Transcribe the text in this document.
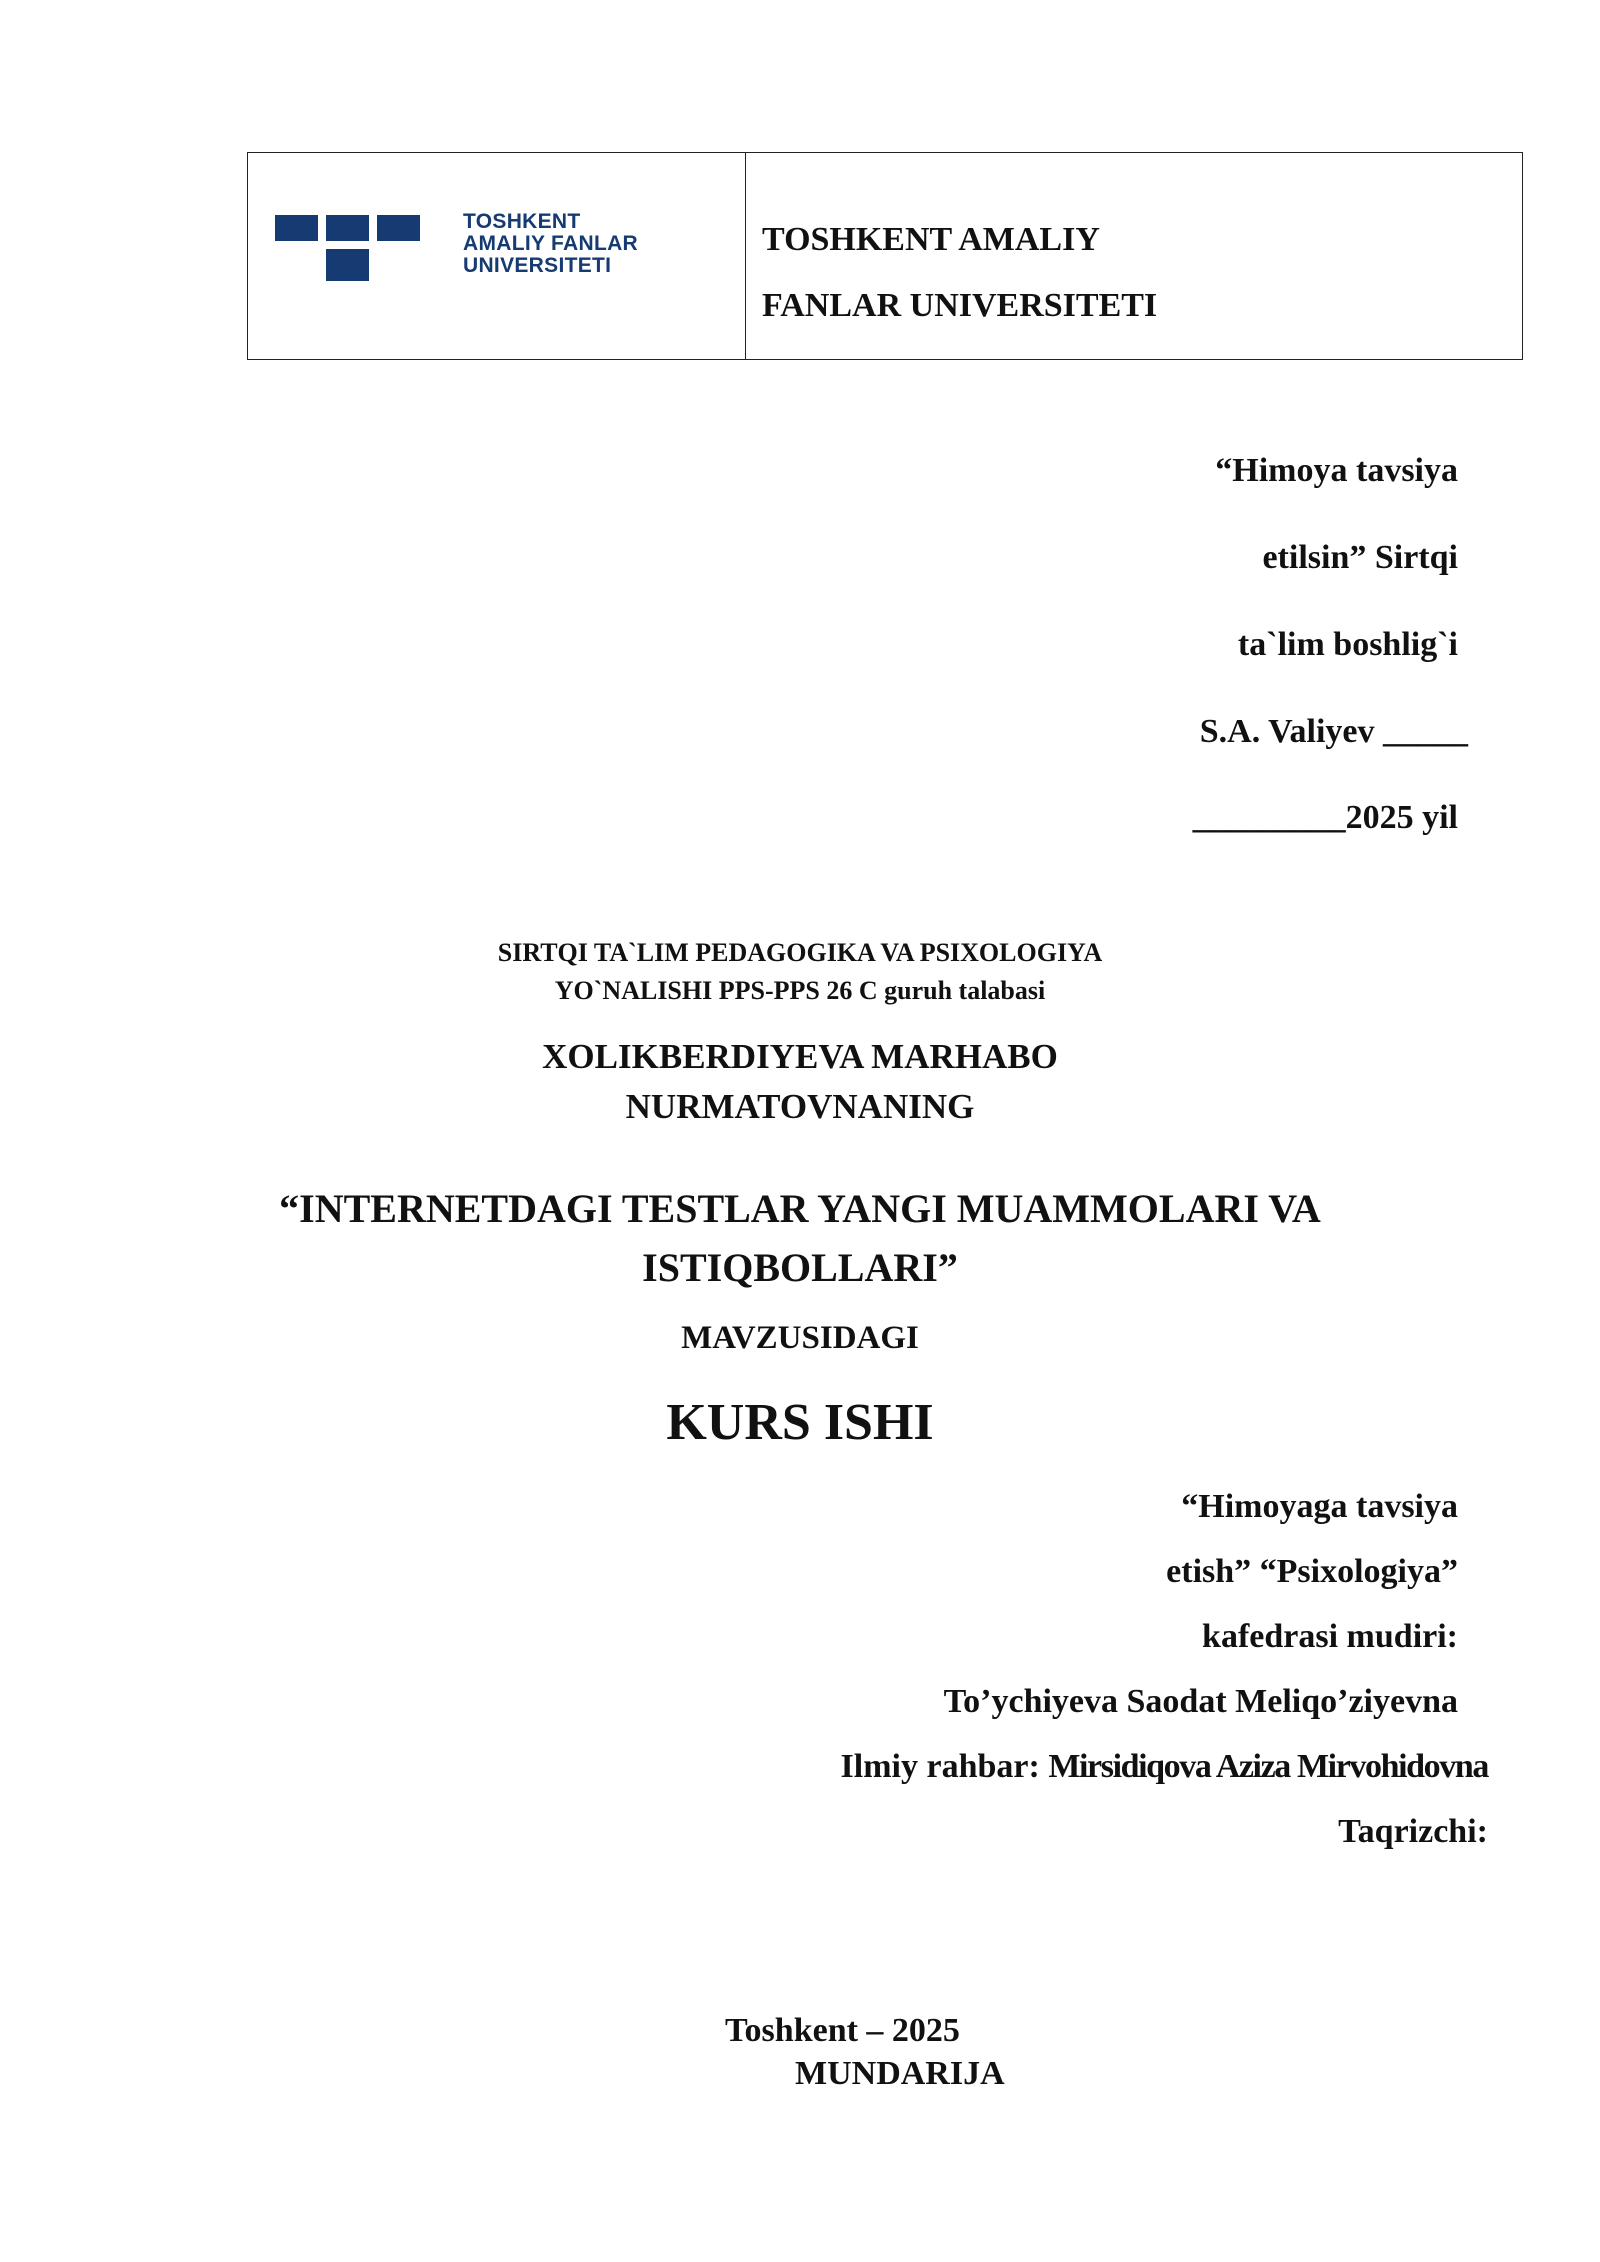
TOSHKENT
AMALIY FANLAR
UNIVERSITETI
TOSHKENT AMALIY
FANLAR UNIVERSITETI
“Himoya tavsiya
etilsin” Sirtqi
ta`lim boshlig`i
S.A. Valiyev _____
_________2025 yil
SIRTQI TA`LIM PEDAGOGIKA VA PSIXOLOGIYA
YO`NALISHI PPS-PPS 26 C guruh talabasi
XOLIKBERDIYEVA MARHABO
NURMATOVNANING
“INTERNETDAGI TESTLAR YANGI MUAMMOLARI VA
ISTIQBOLLARI”
MAVZUSIDAGI
KURS ISHI
“Himoyaga tavsiya
etish” “Psixologiya”
kafedrasi mudiri:
To’ychiyeva Saodat Meliqo’ziyevna
Ilmiy rahbar: Mirsidiqova Aziza Mirvohidovna
Taqrizchi:
Toshkent – 2025
MUNDARIJA
